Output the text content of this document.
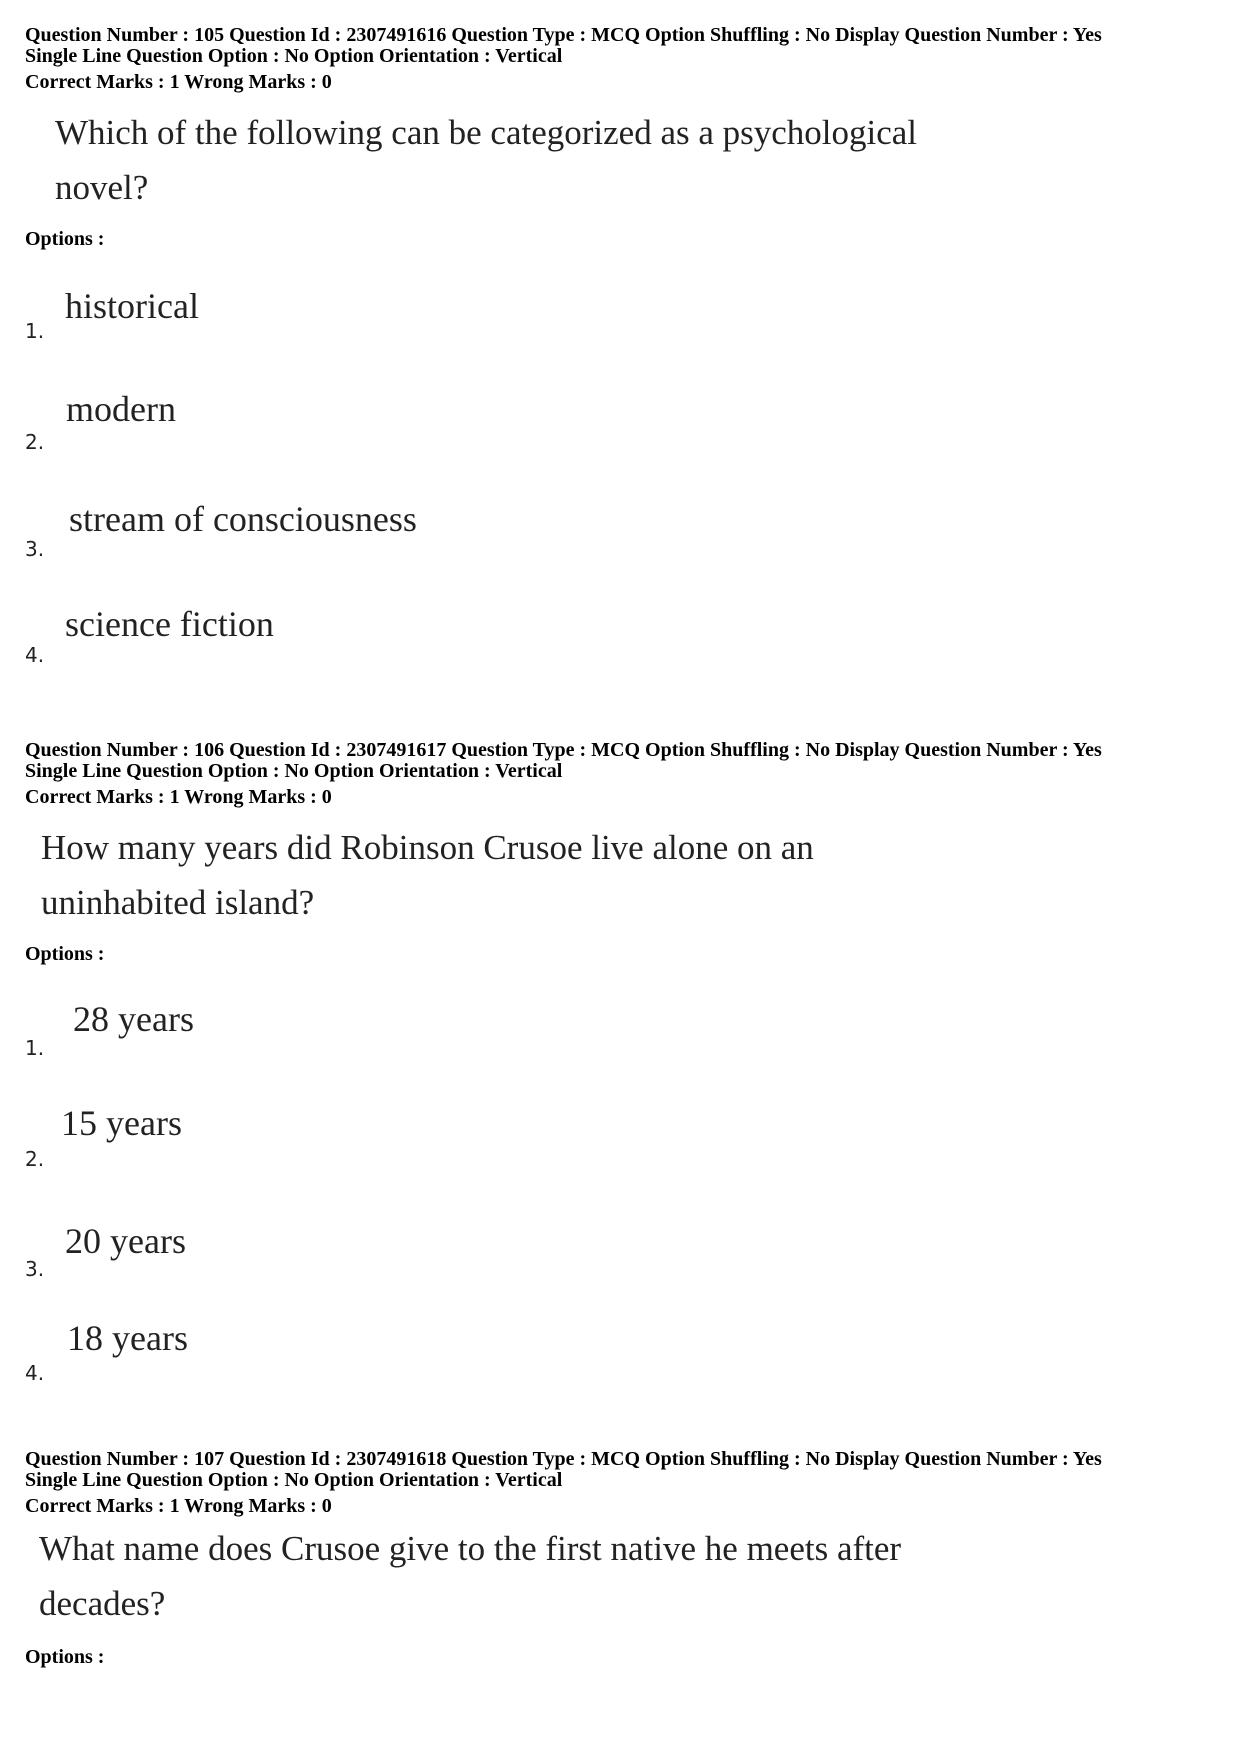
Question Number : 105 Question Id : 2307491616 Question Type : MCQ Option Shuffling : No Display Question Number : Yes

Single Line Question Option : No Option Orientation : Vertical

Correct Marks : 1 Wrong Marks : 0

Which of the following can be categorized as a psychological

novel?

Options :

historical
1.
modern
2.
stream of consciousness
3.
science fiction
4.

Question Number : 106 Question Id : 2307491617 Question Type : MCQ Option Shuffling : No Display Question Number : Yes

Single Line Question Option : No Option Orientation : Vertical

Correct Marks : 1 Wrong Marks : 0

How many years did Robinson Crusoe live alone on an

uninhabited island?

Options :

28 years
1.
15 years
2.
20 years
3.
18 years
4.

Question Number : 107 Question Id : 2307491618 Question Type : MCQ Option Shuffling : No Display Question Number : Yes

Single Line Question Option : No Option Orientation : Vertical

Correct Marks : 1 Wrong Marks : 0

What name does Crusoe give to the first native he meets after

decades?

Options :
